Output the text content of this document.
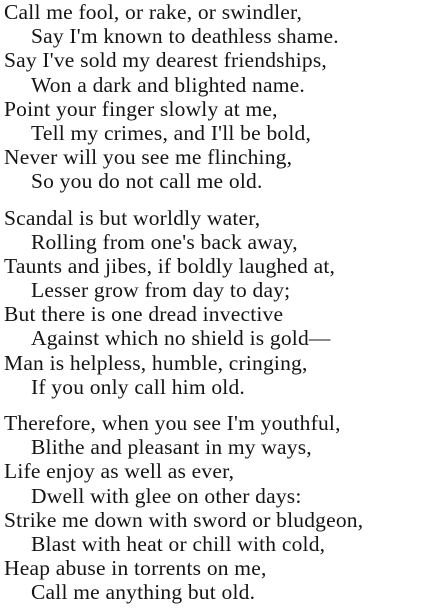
Call me fool, or rake, or swindler,
Say I'm known to deathless shame.
Say I've sold my dearest friendships,
Won a dark and blighted name.
Point your finger slowly at me,
Tell my crimes, and I'll be bold,
Never will you see me flinching,
So you do not call me old.
Scandal is but worldly water,
Rolling from one's back away,
Taunts and jibes, if boldly laughed at,
Lesser grow from day to day;
But there is one dread invective
Against which no shield is gold—
Man is helpless, humble, cringing,
If you only call him old.
Therefore, when you see I'm youthful,
Blithe and pleasant in my ways,
Life enjoy as well as ever,
Dwell with glee on other days:
Strike me down with sword or bludgeon,
Blast with heat or chill with cold,
Heap abuse in torrents on me,
Call me anything but old.
